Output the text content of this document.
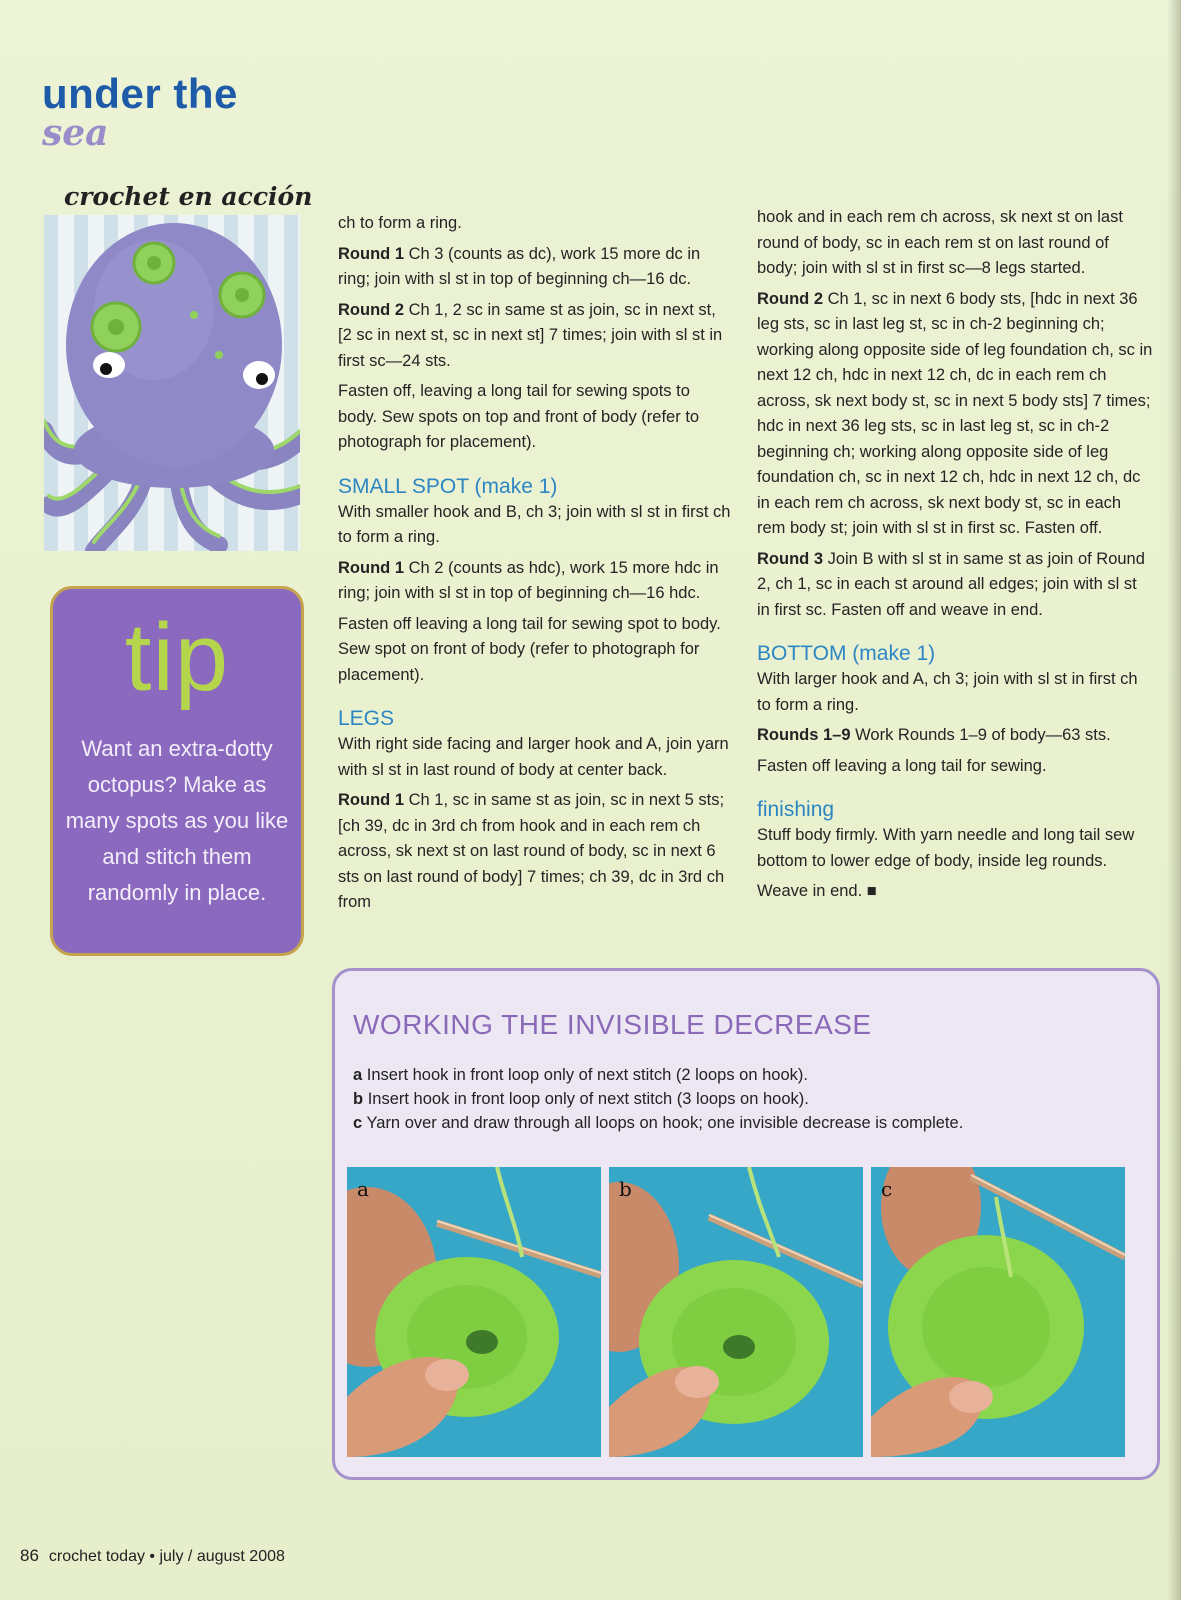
under the
sea

crochet en acción

tip

Want an extra-dotty octopus? Make as many spots as you like and stitch them randomly in place.

ch to form a ring.

Round 1 Ch 3 (counts as dc), work 15 more dc in ring; join with sl st in top of beginning ch—16 dc.

Round 2 Ch 1, 2 sc in same st as join, sc in next st, [2 sc in next st, sc in next st] 7 times; join with sl st in first sc—24 sts.

Fasten off, leaving a long tail for sewing spots to body. Sew spots on top and front of body (refer to photograph for placement).

SMALL SPOT (make 1)

With smaller hook and B, ch 3; join with sl st in first ch to form a ring.

Round 1 Ch 2 (counts as hdc), work 15 more hdc in ring; join with sl st in top of beginning ch—16 hdc.

Fasten off leaving a long tail for sewing spot to body. Sew spot on front of body (refer to photograph for placement).

LEGS

With right side facing and larger hook and A, join yarn with sl st in last round of body at center back.

Round 1 Ch 1, sc in same st as join, sc in next 5 sts; [ch 39, dc in 3rd ch from hook and in each rem ch across, sk next st on last round of body, sc in next 6 sts on last round of body] 7 times; ch 39, dc in 3rd ch from

hook and in each rem ch across, sk next st on last round of body, sc in each rem st on last round of body; join with sl st in first sc—8 legs started.

Round 2 Ch 1, sc in next 6 body sts, [hdc in next 36 leg sts, sc in last leg st, sc in ch-2 beginning ch; working along opposite side of leg foundation ch, sc in next 12 ch, hdc in next 12 ch, dc in each rem ch across, sk next body st, sc in next 5 body sts] 7 times; hdc in next 36 leg sts, sc in last leg st, sc in ch-2 beginning ch; working along opposite side of leg foundation ch, sc in next 12 ch, hdc in next 12 ch, dc in each rem ch across, sk next body st, sc in each rem body st; join with sl st in first sc. Fasten off.

Round 3 Join B with sl st in same st as join of Round 2, ch 1, sc in each st around all edges; join with sl st in first sc. Fasten off and weave in end.

BOTTOM (make 1)

With larger hook and A, ch 3; join with sl st in first ch to form a ring.

Rounds 1–9 Work Rounds 1–9 of body—63 sts.

Fasten off leaving a long tail for sewing.

finishing

Stuff body firmly. With yarn needle and long tail sew bottom to lower edge of body, inside leg rounds.

Weave in end. ■

WORKING THE INVISIBLE DECREASE

a Insert hook in front loop only of next stitch (2 loops on hook).

b Insert hook in front loop only of next stitch (3 loops on hook).

c Yarn over and draw through all loops on hook; one invisible decrease is complete.

a	b	c

86 crochet today • july / august 2008
